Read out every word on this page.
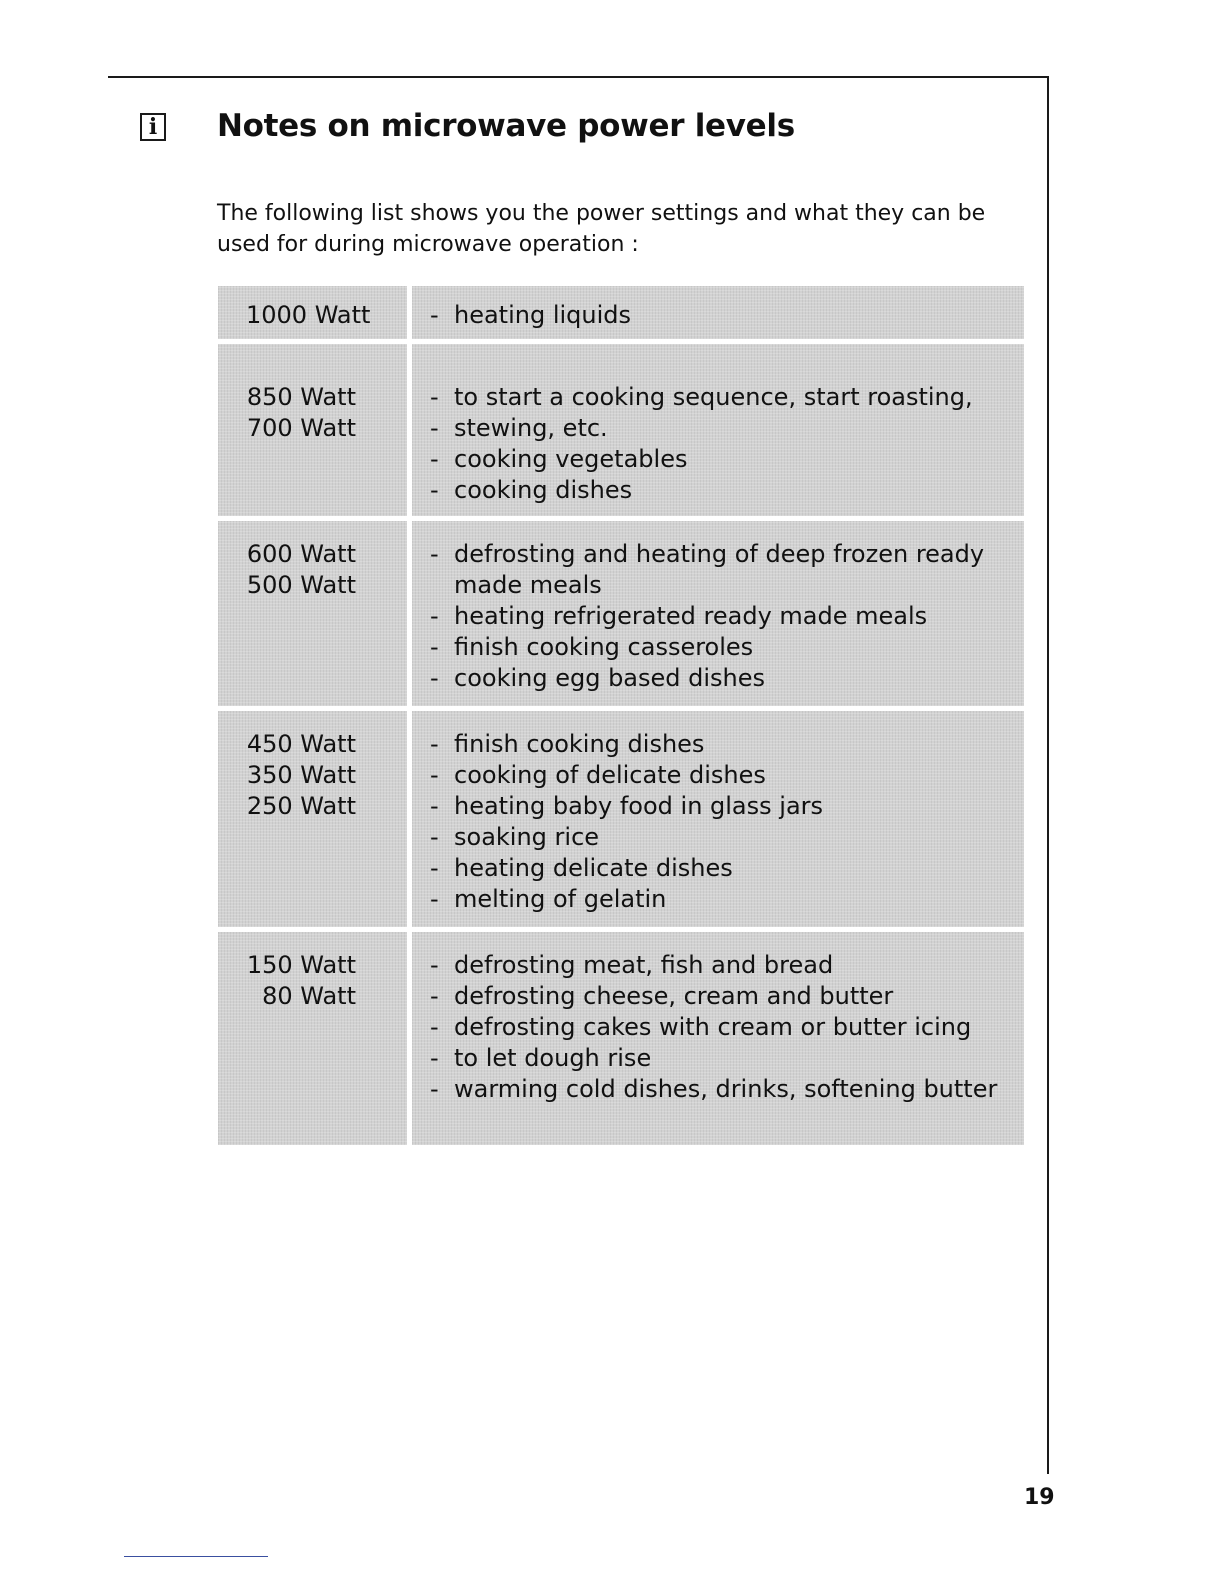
i Notes on microwave power levels

The following list shows you the power settings and what they can be used for during microwave operation :

1000 Watt - heating liquids
850 Watt
700 Watt
- to start a cooking sequence, start roasting,
- stewing, etc.
- cooking vegetables
- cooking dishes
600 Watt
500 Watt
- defrosting and heating of deep frozen ready
made meals
- heating refrigerated ready made meals
- finish cooking casseroles
- cooking egg based dishes
450 Watt
350 Watt
250 Watt
- finish cooking dishes
- cooking of delicate dishes
- heating baby food in glass jars
- soaking rice
- heating delicate dishes
- melting of gelatin
150 Watt
80 Watt
- defrosting meat, fish and bread
- defrosting cheese, cream and butter
- defrosting cakes with cream or butter icing
- to let dough rise
- warming cold dishes, drinks, softening butter
19
